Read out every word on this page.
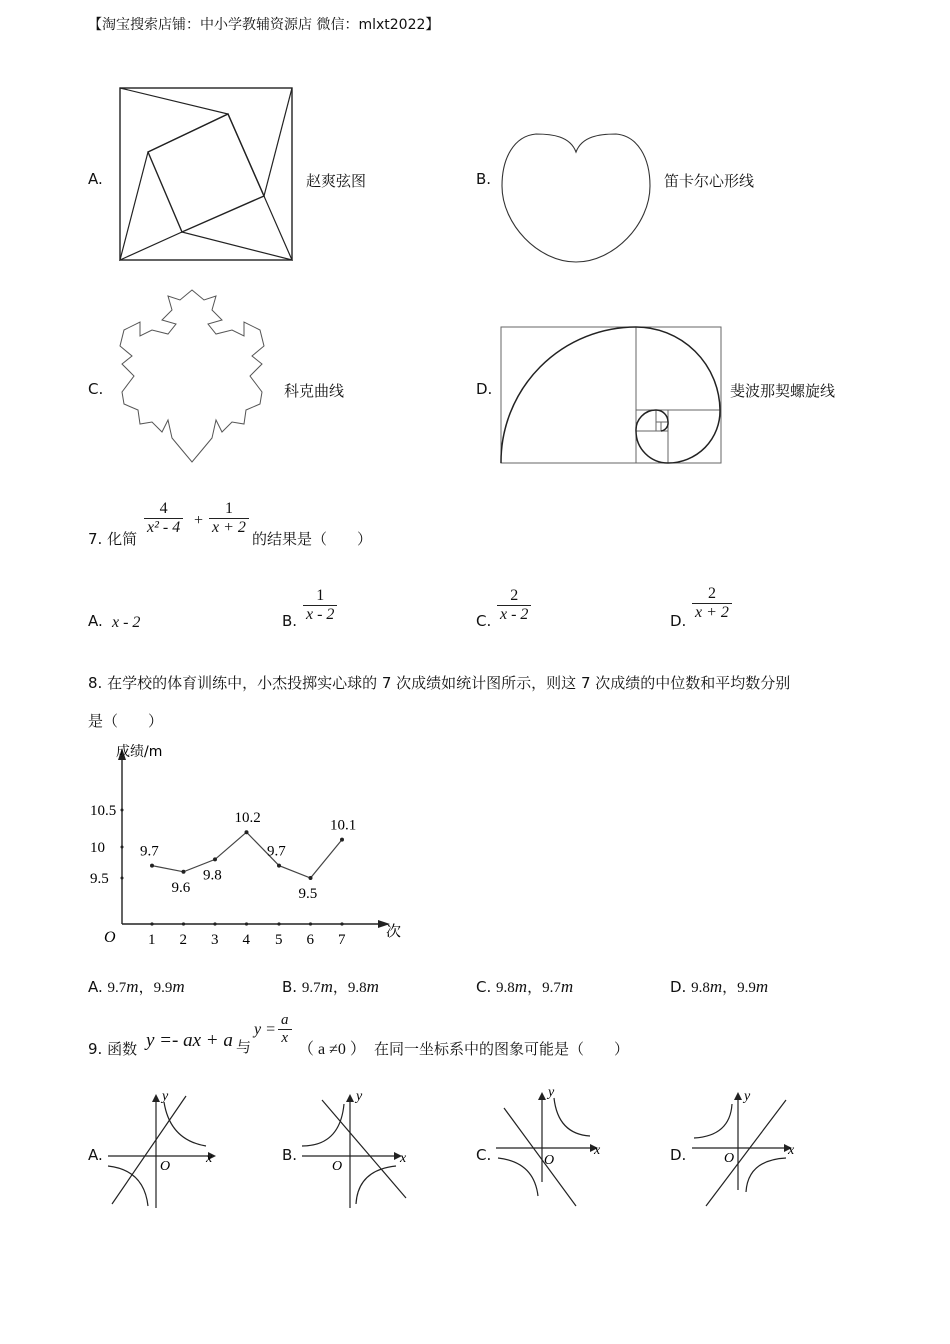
【淘宝搜索店铺：中小学教辅资源店 微信：mlxt2022】
A.	赵爽弦图	B.	笛卡尔心形线
C.	科克曲线	D.	斐波那契螺旋线
7. 化简
4
x² - 4 +
1
x + 2
的结果是（　　）
A. x - 2	B.
1
x - 2	C.
2
x - 2	D.
2
x + 2
8. 在学校的体育训练中，小杰投掷实心球的 7 次成绩如统计图所示，则这 7 次成绩的中位数和平均数分别
是（　　）
成绩/m
次
O
9.5
10
10.5
1 2 3 4 5 6 7
9.7
9.6
9.8
10.2
9.7
9.5
10.1
A. 9.7m，9.9m	B. 9.7m，9.8m	C. 9.8m，9.7m	D. 9.8m，9.9m
9. 函数 y =- ax + a 与
y =
a
x
（ a ≠0 ） 在同一坐标系中的图象可能是（　　）
A.
y
x
O
B.
y
x
O
C.
y
x
O	D.
y
x
O
